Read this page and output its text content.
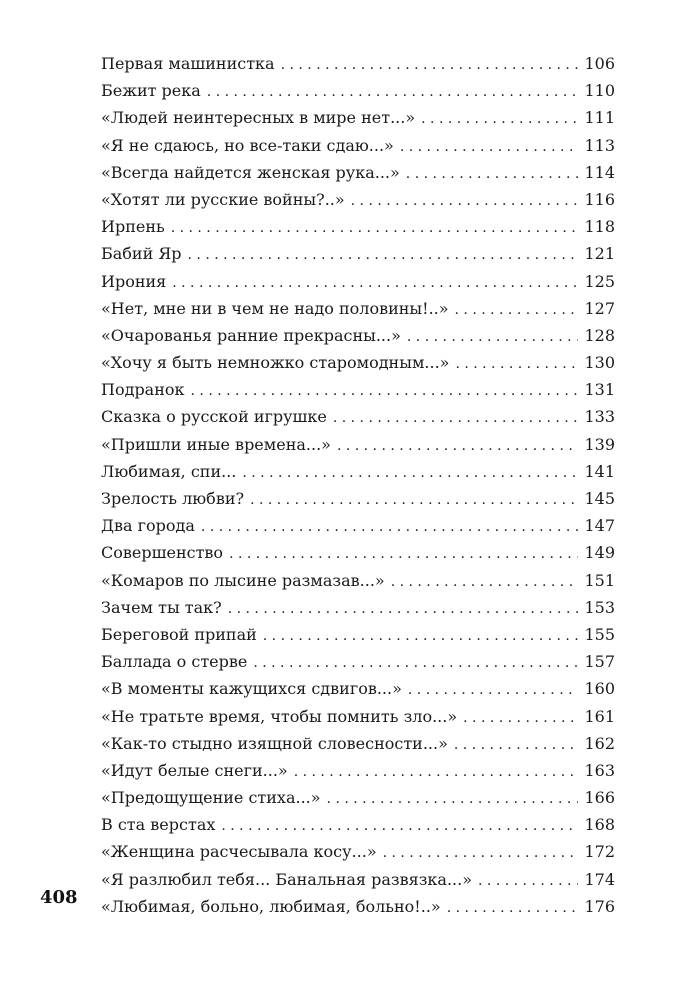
Первая машинистка . . .	106
Бежит река . . .	110
«Людей неинтересных в мире нет...» . . .	111
«Я не сдаюсь, но все-таки сдаю...» . . .	113
«Всегда найдется женская рука...» . . .	114
«Хотят ли русские войны?..» . . .	116
Ирпень . . .	118
Бабий Яр . . .	121
Ирония . . .	125
«Нет, мне ни в чем не надо половины!..» . . .	127
«Очарованья ранние прекрасны...» . . .	128
«Хочу я быть немножко старомодным...» . . .	130
Подранок . . .	131
Сказка о русской игрушке . . .	133
«Пришли иные времена...» . . .	139
Любимая, спи... . . .	141
Зрелость любви? . . .	145
Два города . . .	147
Совершенство . . .	149
«Комаров по лысине размазав...» . . .	151
Зачем ты так? . . .	153
Береговой припай . . .	155
Баллада о стерве . . .	157
«В моменты кажущихся сдвигов...» . . .	160
«Не тратьте время, чтобы помнить зло...» . . .	161
«Как-то стыдно изящной словесности...» . . .	162
«Идут белые снеги...» . . .	163
«Предощущение стиха...» . . .	166
В ста верстах . . .	168
«Женщина расчесывала косу...» . . .	172
«Я разлюбил тебя... Банальная развязка...» . . .	174
«Любимая, больно, любимая, больно!..» . . .	176
408
